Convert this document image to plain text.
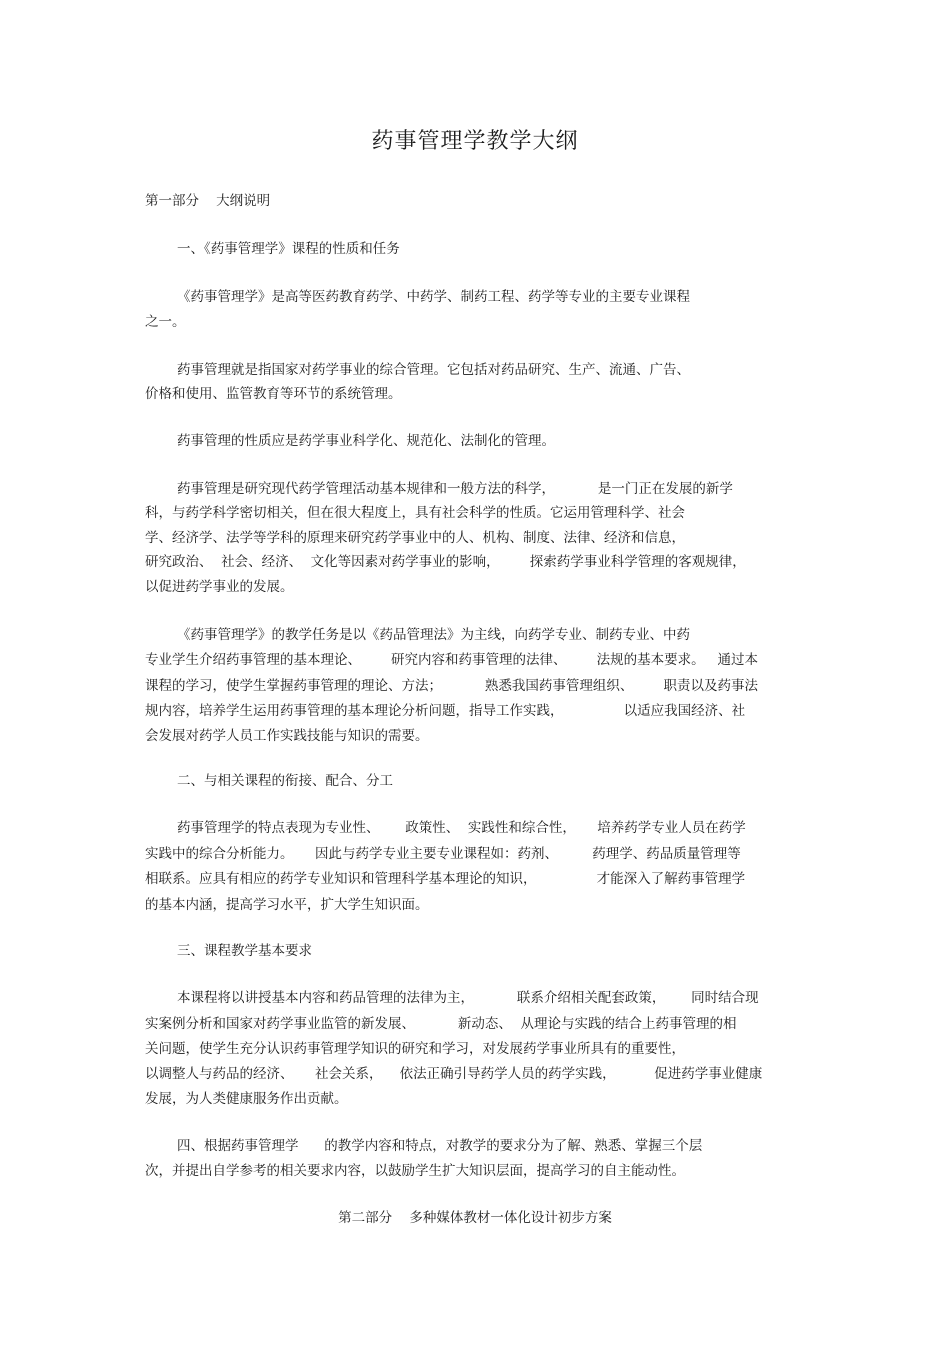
药事管理学教学大纲
第一部分    大纲说明
一、《药事管理学》课程的性质和任务
《药事管理学》是高等医药教育药学、中药学、制药工程、药学等专业的主要专业课程
之一。
药事管理就是指国家对药学事业的综合管理。它包括对药品研究、生产、流通、广告、
价格和使用、监管教育等环节的系统管理。
药事管理的性质应是药学事业科学化、规范化、法制化的管理。
药事管理是研究现代药学管理活动基本规律和一般方法的科学，          是一门正在发展的新学
科，与药学科学密切相关，但在很大程度上，具有社会科学的性质。它运用管理科学、社会
学、经济学、法学等学科的原理来研究药学事业中的人、机构、制度、法律、经济和信息，
研究政治、  社会、经济、  文化等因素对药学事业的影响，       探索药学事业科学管理的客观规律，
以促进药学事业的发展。
《药事管理学》的教学任务是以《药品管理法》为主线，向药学专业、制药专业、中药
专业学生介绍药事管理的基本理论、       研究内容和药事管理的法律、       法规的基本要求。   通过本
课程的学习，使学生掌握药事管理的理论、方法；          熟悉我国药事管理组织、       职责以及药事法
规内容，培养学生运用药事管理的基本理论分析问题，指导工作实践，              以适应我国经济、社
会发展对药学人员工作实践技能与知识的需要。
二、与相关课程的衔接、配合、分工
药事管理学的特点表现为专业性、      政策性、  实践性和综合性，     培养药学专业人员在药学
实践中的综合分析能力。     因此与药学专业主要专业课程如：药剂、        药理学、药品质量管理等
相联系。应具有相应的药学专业知识和管理科学基本理论的知识，              才能深入了解药事管理学
的基本内涵，提高学习水平，扩大学生知识面。
三、课程教学基本要求
本课程将以讲授基本内容和药品管理的法律为主，          联系介绍相关配套政策，      同时结合现
实案例分析和国家对药学事业监管的新发展、          新动态、  从理论与实践的结合上药事管理的相
关问题，使学生充分认识药事管理学知识的研究和学习，对发展药学事业所具有的重要性，
以调整人与药品的经济、     社会关系，    依法正确引导药学人员的药学实践，         促进药学事业健康
发展，为人类健康服务作出贡献。
四、根据药事管理学      的教学内容和特点，对教学的要求分为了解、熟悉、掌握三个层
次，并提出自学参考的相关要求内容，以鼓励学生扩大知识层面，提高学习的自主能动性。
第二部分    多种媒体教材一体化设计初步方案
